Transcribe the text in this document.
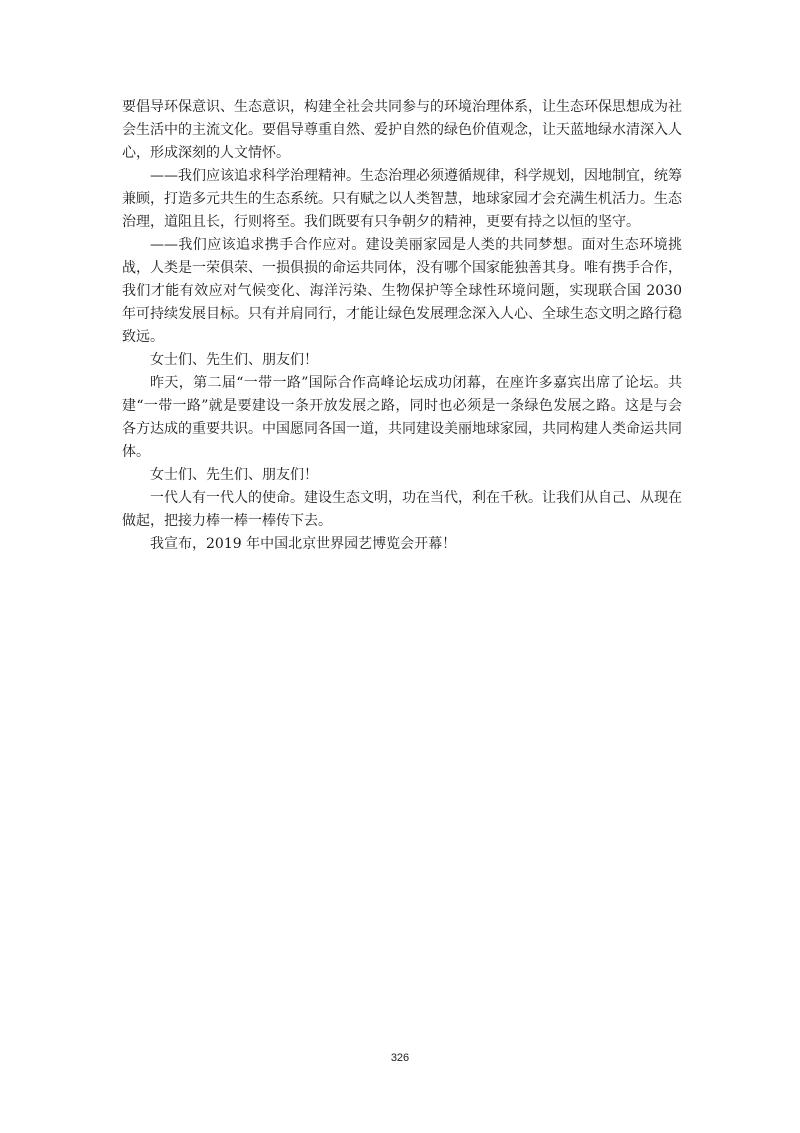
要倡导环保意识、生态意识，构建全社会共同参与的环境治理体系，让生态环保思想成为社会生活中的主流文化。要倡导尊重自然、爱护自然的绿色价值观念，让天蓝地绿水清深入人心，形成深刻的人文情怀。

——我们应该追求科学治理精神。生态治理必须遵循规律，科学规划，因地制宜，统筹兼顾，打造多元共生的生态系统。只有赋之以人类智慧，地球家园才会充满生机活力。生态治理，道阻且长，行则将至。我们既要有只争朝夕的精神，更要有持之以恒的坚守。

——我们应该追求携手合作应对。建设美丽家园是人类的共同梦想。面对生态环境挑战，人类是一荣俱荣、一损俱损的命运共同体，没有哪个国家能独善其身。唯有携手合作，我们才能有效应对气候变化、海洋污染、生物保护等全球性环境问题，实现联合国 2030 年可持续发展目标。只有并肩同行，才能让绿色发展理念深入人心、全球生态文明之路行稳致远。

女士们、先生们、朋友们！

昨天，第二届“一带一路”国际合作高峰论坛成功闭幕，在座许多嘉宾出席了论坛。共建“一带一路”就是要建设一条开放发展之路，同时也必须是一条绿色发展之路。这是与会各方达成的重要共识。中国愿同各国一道，共同建设美丽地球家园，共同构建人类命运共同体。

女士们、先生们、朋友们！

一代人有一代人的使命。建设生态文明，功在当代，利在千秋。让我们从自己、从现在做起，把接力棒一棒一棒传下去。

我宣布，2019 年中国北京世界园艺博览会开幕！

326
